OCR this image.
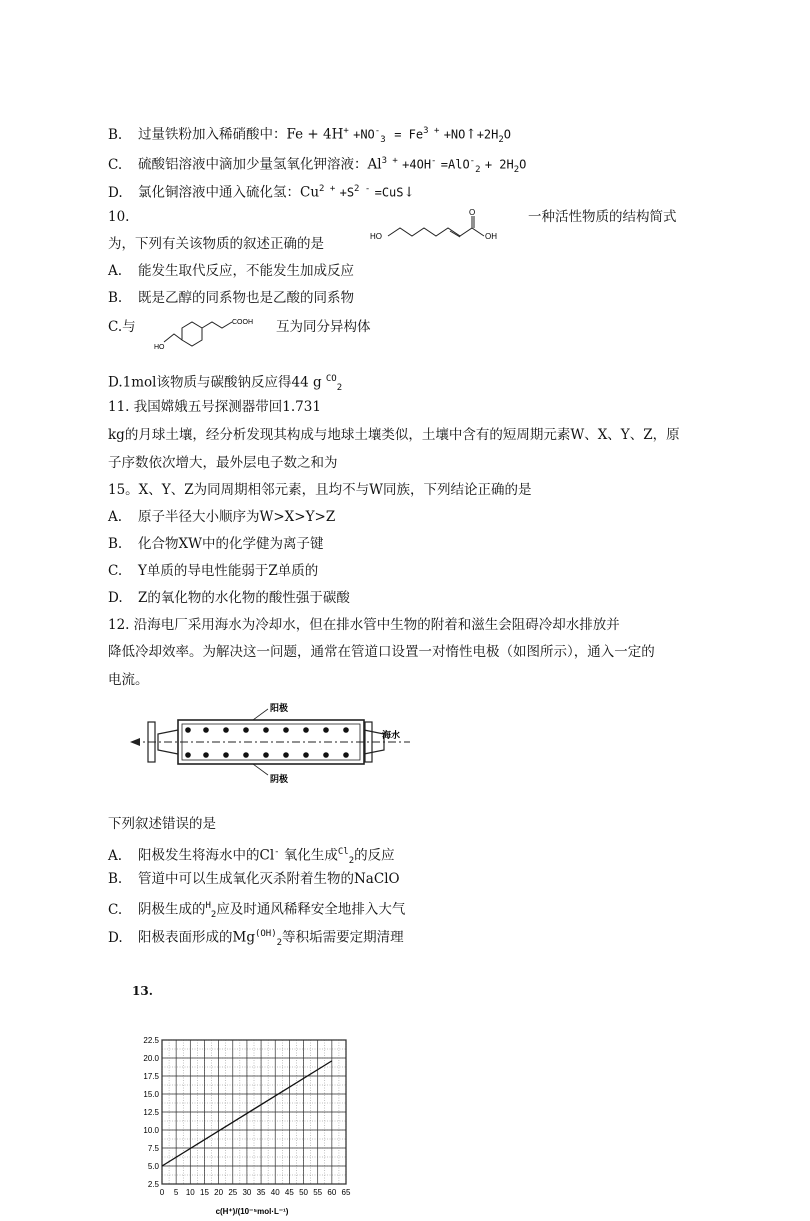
B. 过量铁粉加入稀硝酸中：$Fe + 4H^+ +NO^-_3 = Fe^{3 +}$ $+NO↑+2H_2O$
C. 硫酸铝溶液中滴加少量氢氧化钾溶液：$Al^{3 +} +4OH^- =AlO^-_2 + 2H_2O$
D. 氯化铜溶液中通入硫化氢：$Cu^{2 +} +S^{2 -}$ =CuS↓
10.
HO	OH
O	一种活性物质的结构简式
为，下列有关该物质的叙述正确的是
A. 能发生取代反应，不能发生加成反应
B. 既是乙醇的同系物也是乙酸的同系物
C.与
HO
COOH 互为同分异构体
D.1mol该物质与碳酸钠反应得44 g $^{CO}_2$
11. 我国嫦娥五号探测器带回1.731
kg的月球土壤，经分析发现其构成与地球土壤类似，土壤中含有的短周期元素W、X、Y、Z，原
子序数依次增大，最外层电子数之和为
15。X、Y、Z为同周期相邻元素，且均不与W同族，下列结论正确的是
A. 原子半径大小顺序为W>X>Y>Z
B. 化合物XW中的化学健为离子键
C. Y单质的导电性能弱于Z单质的
D. Z的氧化物的水化物的酸性强于碳酸
12. 沿海电厂采用海水为冷却水，但在排水管中生物的附着和滋生会阻碍冷却水排放并
降低冷却效率。为解决这一问题，通常在管道口设置一对惰性电极（如图所示），通入一定的
电流。
阳极
阴极
海水
下列叙述错误的是
A. 阳极发生将海水中的Cl- 氧化生成$^{Cl}_2$的反应
B. 管道中可以生成氧化灭杀附着生物的NaClO
C. 阴极生成的$^H_2$应及时通风稀释安全地排入大气
D. 阳极表面形成的$Mg^{(OH)}_2$等积垢需要定期清理
13.
2.5
5.0
7.5
10.0
12.5
15.0
17.5
20.0
22.5
0 5 10 15 20 25 30 35 40 45 50 55 60 65
c(H⁺)/(10⁻⁵mol·L⁻¹)
